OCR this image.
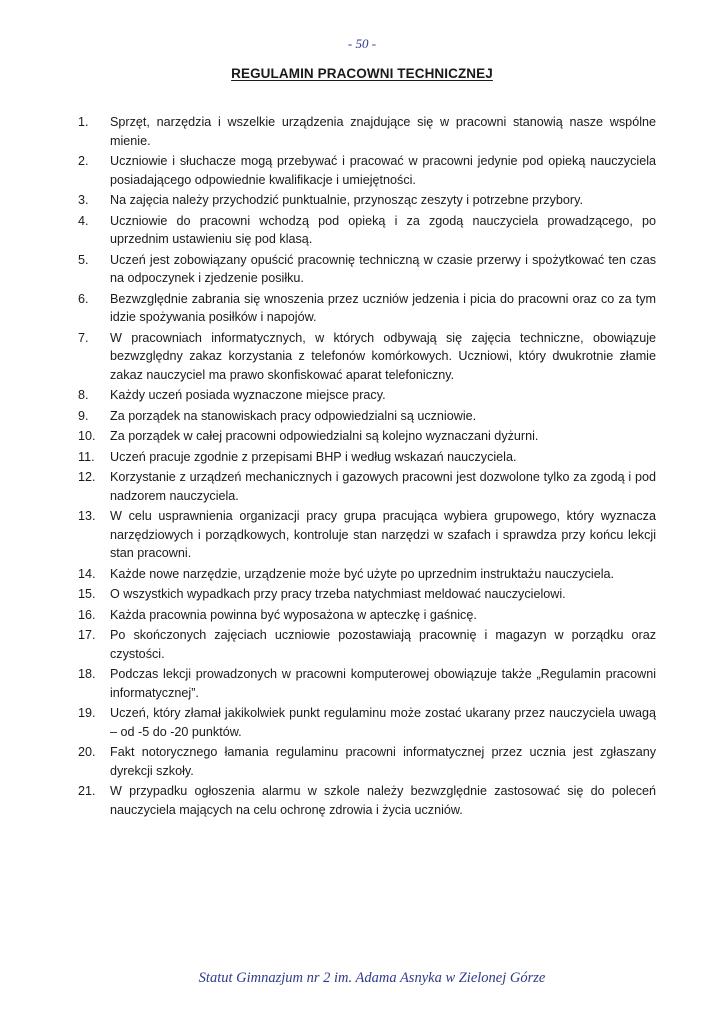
- 50 -
REGULAMIN PRACOWNI TECHNICZNEJ
1.	Sprzęt, narzędzia i wszelkie urządzenia znajdujące się w pracowni stanowią nasze wspólne mienie.
2.	Uczniowie i słuchacze mogą przebywać i pracować w pracowni jedynie pod opieką nauczyciela posiadającego odpowiednie kwalifikacje i umiejętności.
3.	Na zajęcia należy przychodzić punktualnie, przynosząc zeszyty i potrzebne przybory.
4.	Uczniowie do pracowni wchodzą pod opieką i za zgodą nauczyciela prowadzącego, po uprzednim ustawieniu się pod klasą.
5.	Uczeń jest zobowiązany opuścić pracownię techniczną w czasie przerwy i spożytkować ten czas na odpoczynek i zjedzenie posiłku.
6.	Bezwzględnie zabrania się wnoszenia przez uczniów jedzenia i picia do pracowni oraz co za tym idzie spożywania posiłków i napojów.
7.	W pracowniach informatycznych, w których odbywają się zajęcia techniczne, obowiązuje bezwzględny zakaz korzystania z telefonów komórkowych. Uczniowi, który dwukrotnie złamie zakaz nauczyciel ma prawo skonfiskować aparat telefoniczny.
8.	Każdy uczeń posiada wyznaczone miejsce pracy.
9.	Za porządek na stanowiskach pracy odpowiedzialni są uczniowie.
10.	Za porządek w całej pracowni odpowiedzialni są kolejno wyznaczani dyżurni.
11.	Uczeń pracuje zgodnie z przepisami BHP i według wskazań nauczyciela.
12.	Korzystanie z urządzeń mechanicznych i gazowych pracowni jest dozwolone tylko za zgodą i pod nadzorem nauczyciela.
13.	W celu usprawnienia organizacji pracy grupa pracująca wybiera grupowego, który wyznacza narzędziowych i porządkowych, kontroluje stan narzędzi w szafach i sprawdza przy końcu lekcji stan pracowni.
14.	Każde nowe narzędzie, urządzenie może być użyte po uprzednim instruktażu nauczyciela.
15.	O wszystkich wypadkach przy pracy trzeba natychmiast meldować nauczycielowi.
16.	Każda pracownia powinna być wyposażona w apteczkę i gaśnicę.
17.	Po skończonych zajęciach uczniowie pozostawiają pracownię i magazyn w porządku oraz czystości.
18.	Podczas lekcji prowadzonych w pracowni komputerowej obowiązuje także „Regulamin pracowni informatycznej”.
19.	Uczeń, który złamał jakikolwiek punkt regulaminu może zostać ukarany przez nauczyciela uwagą – od -5 do -20 punktów.
20.	Fakt notorycznego łamania regulaminu pracowni informatycznej przez ucznia jest zgłaszany dyrekcji szkoły.
21.	W przypadku ogłoszenia alarmu w szkole należy bezwzględnie zastosować się do poleceń nauczyciela mających na celu ochronę zdrowia i życia uczniów.
Statut Gimnazjum nr 2 im. Adama Asnyka w Zielonej Górze
